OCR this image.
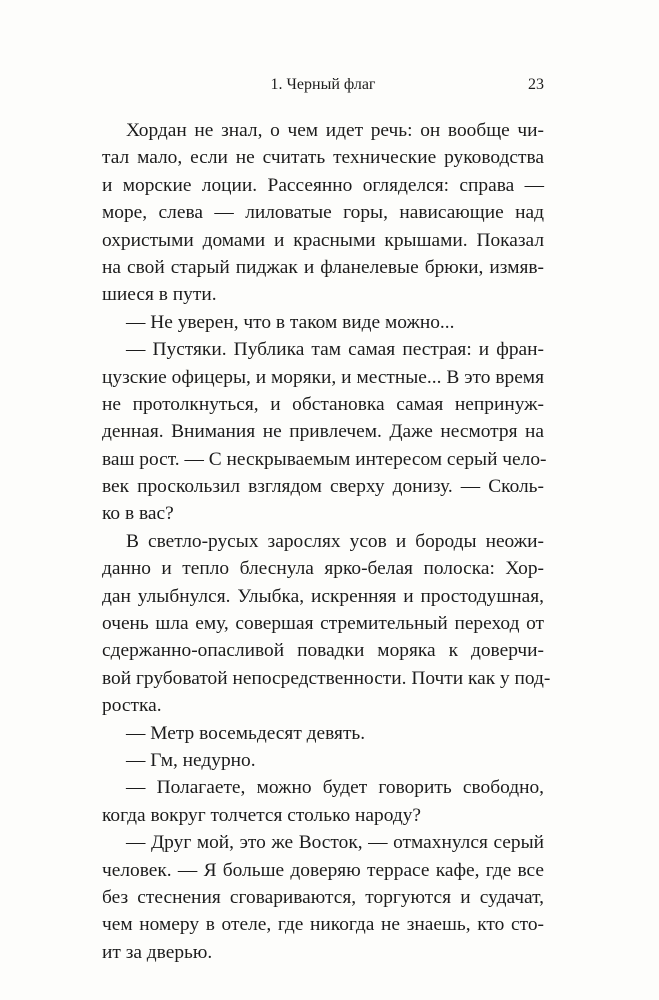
1. Черный флаг	23
Хордан не знал, о чем идет речь: он вообще чи-
тал мало, если не считать технические руководства
и морские лоции. Рассеянно огляделся: справа —
море, слева — лиловатые горы, нависающие над
охристыми домами и красными крышами. Показал
на свой старый пиджак и фланелевые брюки, измяв-
шиеся в пути.
— Не уверен, что в таком виде можно...
— Пустяки. Публика там самая пестрая: и фран-
цузские офицеры, и моряки, и местные... В это время
не протолкнуться, и обстановка самая непринуж-
денная. Внимания не привлечем. Даже несмотря на
ваш рост. — С нескрываемым интересом серый чело-
век проскользил взглядом сверху донизу. — Сколь-
ко в вас?
В светло-русых зарослях усов и бороды неожи-
данно и тепло блеснула ярко-белая полоска: Хор-
дан улыбнулся. Улыбка, искренняя и простодушная,
очень шла ему, совершая стремительный переход от
сдержанно-опасливой повадки моряка к доверчи-
вой грубоватой непосредственности. Почти как у под-
ростка.
— Метр восемьдесят девять.
— Гм, недурно.
— Полагаете, можно будет говорить свободно,
когда вокруг толчется столько народу?
— Друг мой, это же Восток, — отмахнулся серый
человек. — Я больше доверяю террасе кафе, где все
без стеснения сговариваются, торгуются и судачат,
чем номеру в отеле, где никогда не знаешь, кто сто-
ит за дверью.
